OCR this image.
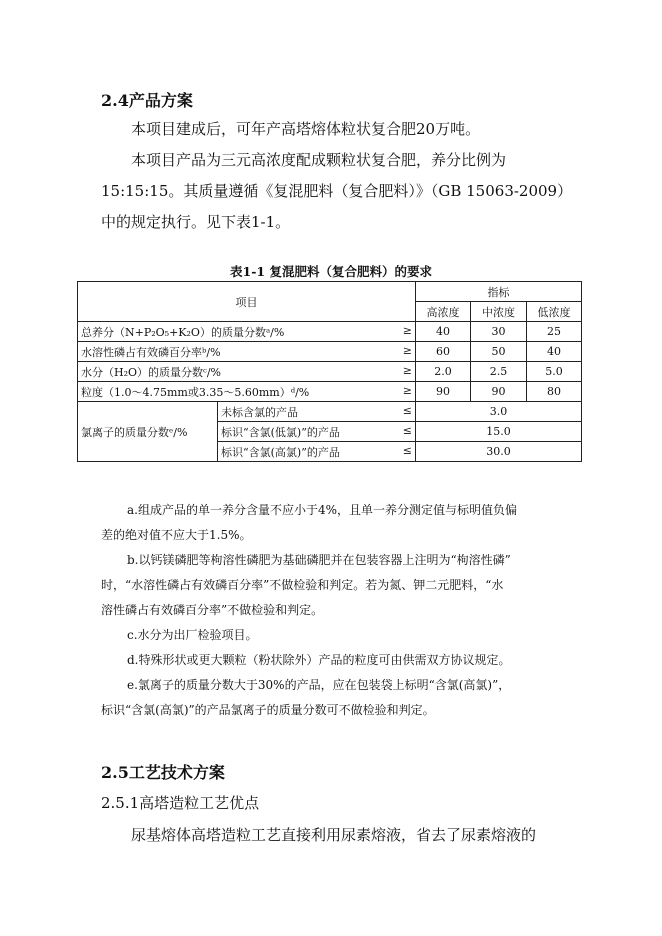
2.4产品方案
本项目建成后，可年产高塔熔体粒状复合肥20万吨。
本项目产品为三元高浓度配成颗粒状复合肥，养分比例为
15:15:15。其质量遵循《复混肥料（复合肥料）》（GB 15063-2009）
中的规定执行。见下表1-1。
表1-1 复混肥料（复合肥料）的要求
项目		指标		
		高浓度	中浓度	低浓度
总养分（N+P₂O₅+K₂O）的质量分数ᵃ/% ≥		40	30	25
水溶性磷占有效磷百分率ᵇ/% ≥		60	50	40
水分（H₂O）的质量分数ᶜ/% ≥		2.0	2.5	5.0
粒度（1.0～4.75mm或3.35～5.60mm）ᵈ/% ≥		90	90	80
氯离子的质量分数ᵉ/%	未标含氯的产品 ≤	3.0		
	标识“含氯(低氯)”的产品 ≤	15.0		
	标识“含氯(高氯)”的产品 ≤	30.0		
a.组成产品的单一养分含量不应小于4%，且单一养分测定值与标明值负偏
差的绝对值不应大于1.5%。
b.以钙镁磷肥等枸溶性磷肥为基础磷肥并在包装容器上注明为“枸溶性磷”
时，“水溶性磷占有效磷百分率”不做检验和判定。若为氮、钾二元肥料，“水
溶性磷占有效磷百分率”不做检验和判定。
c.水分为出厂检验项目。
d.特殊形状或更大颗粒（粉状除外）产品的粒度可由供需双方协议规定。
e.氯离子的质量分数大于30%的产品，应在包装袋上标明“含氯(高氯)”，
标识“含氯(高氯)”的产品氯离子的质量分数可不做检验和判定。
2.5工艺技术方案
2.5.1高塔造粒工艺优点
尿基熔体高塔造粒工艺直接利用尿素熔液，省去了尿素熔液的
